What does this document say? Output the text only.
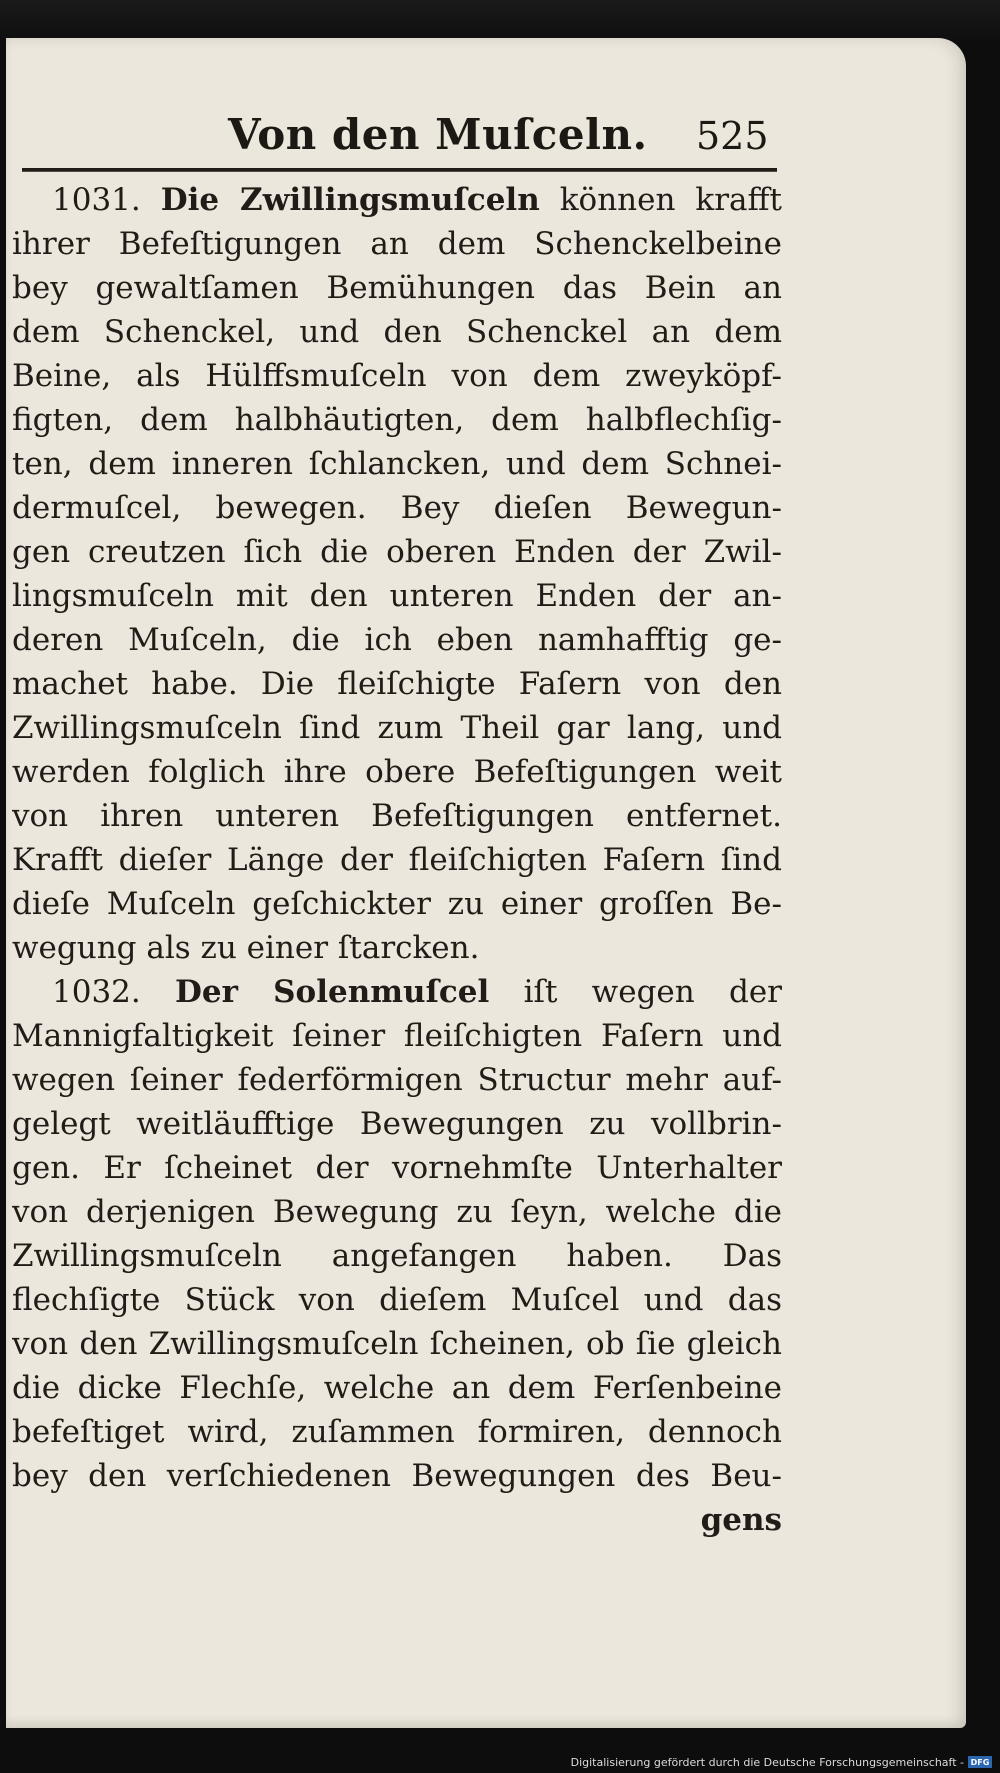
Von den Muſceln. 525
1031. Die Zwillingsmuſceln können krafft
ihrer Befeſtigungen an dem Schenckelbeine
bey gewaltſamen Bemühungen das Bein an
dem Schenckel, und den Schenckel an dem
Beine, als Hülffsmuſceln von dem zweyköpf-
figten, dem halbhäutigten, dem halbflechſig-
ten, dem inneren ſchlancken, und dem Schnei-
dermuſcel, bewegen. Bey dieſen Bewegun-
gen creutzen ſich die oberen Enden der Zwil-
lingsmuſceln mit den unteren Enden der an-
deren Muſceln, die ich eben namhafftig ge-
machet habe. Die fleiſchigte Faſern von den
Zwillingsmuſceln ſind zum Theil gar lang, und
werden folglich ihre obere Befeſtigungen weit
von ihren unteren Befeſtigungen entfernet.
Krafft dieſer Länge der fleiſchigten Faſern ſind
dieſe Muſceln geſchickter zu einer groſſen Be-
wegung als zu einer ſtarcken.
1032. Der Solenmuſcel iſt wegen der
Mannigfaltigkeit ſeiner fleiſchigten Faſern und
wegen ſeiner federförmigen Structur mehr auf-
gelegt weitläufftige Bewegungen zu vollbrin-
gen. Er ſcheinet der vornehmſte Unterhalter
von derjenigen Bewegung zu ſeyn, welche die
Zwillingsmuſceln angefangen haben. Das
flechſigte Stück von dieſem Muſcel und das
von den Zwillingsmuſceln ſcheinen, ob ſie gleich
die dicke Flechſe, welche an dem Ferſenbeine
befeſtiget wird, zuſammen formiren, dennoch
bey den verſchiedenen Bewegungen des Beu-
gens
Digitalisierung gefördert durch die Deutsche Forschungsgemeinschaft - DFG
